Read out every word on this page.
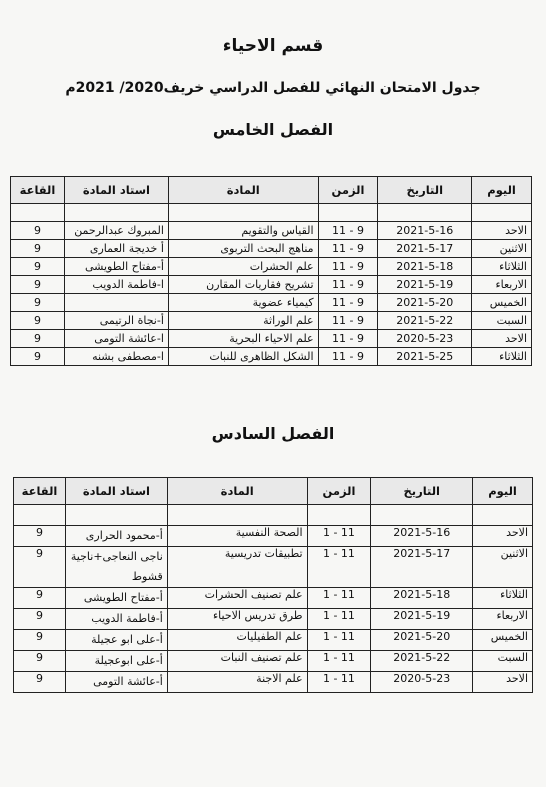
قسم الاحياء
جدول الامتحان النهائي للفصل الدراسي خريف2020/ 2021م
الفصل الخامس
اليوم	التاريخ	الزمن	المادة	استاد المادة	القاعة

الاحد	2021-5-16	11 - 9	القياس والتقويم	المبروك عبدالرحمن	9
الاثنين	2021-5-17	11 - 9	مناهج البحث التربوى	أ خديجة العمارى	9
الثلاثاء	2021-5-18	11 - 9	علم الحشرات	أ-مفتاح الطويشى	9
الاربعاء	2021-5-19	11 - 9	تشريح فقاريات المقارن	ا-فاطمة الدويب	9
الخميس	2021-5-20	11 - 9	كيمياء عضوية		9
السبت	2021-5-22	11 - 9	علم الوراثة	أ-نجاة الرتيمى	9
الاحد	2020-5-23	11 - 9	علم الاحياء البحرية	ا-عائشة التومى	9
الثلاثاء	2021-5-25	11 - 9	الشكل الظاهرى للنبات	ا-مصطفى بشنه	9
الفصل السادس
اليوم	التاريخ	الزمن	المادة	استاد المادة	القاعة

الاحد	2021-5-16	1 - 11	الصحة النفسية	أ-محمود الحرارى	9
الاثنين	2021-5-17	1 - 11	تطبيقات تدريسية	ناجى النعاجى+ناجية قشوط	9
الثلاثاء	2021-5-18	1 - 11	علم تصنيف الحشرات	أ-مفتاح الطويشى	9
الاربعاء	2021-5-19	1 - 11	طرق تدريس الاحياء	أ-فاطمة الدويب	9
الخميس	2021-5-20	1 - 11	علم الطفيليات	أ-على ابو عجيلة	9
السبت	2021-5-22	1 - 11	علم تصنيف النبات	أ-على ابوعجيلة	9
الاحد	2020-5-23	1 - 11	علم الاجنة	أ-عائشة التومى	9
